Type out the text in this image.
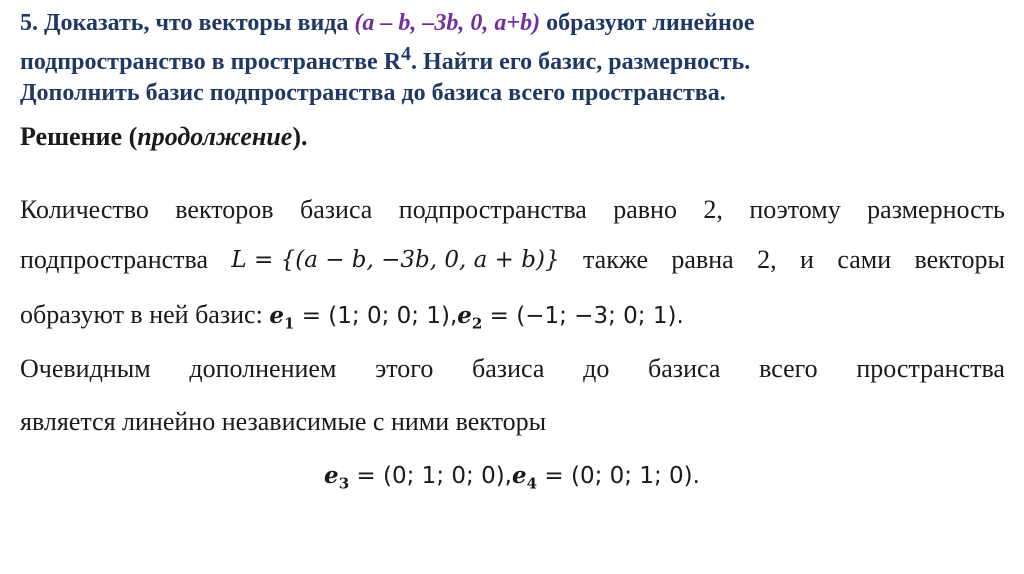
5. Доказать, что векторы вида (a – b, –3b, 0, a+b) образуют линейное
подпространство в пространстве $R^4$. Найти его базис, размерность.
Дополнить базис подпространства до базиса всего пространства.
Решение (продолжение).
Количество векторов базиса подпространства равно 2, поэтому размерность
подпространства L = {(a − b, −3b, 0, a + b)} также равна 2, и сами векторы
образуют в ней базис: $e_1 = (1$; 0; 0; $1),e_2 = (-1$; −3; 0; 1).
Очевидным дополнением этого базиса до базиса всего пространства
является линейно независимые с ними векторы
$e_3 = (0$; 1; 0; $0),e_4 = (0$; 0; 1; 0).
